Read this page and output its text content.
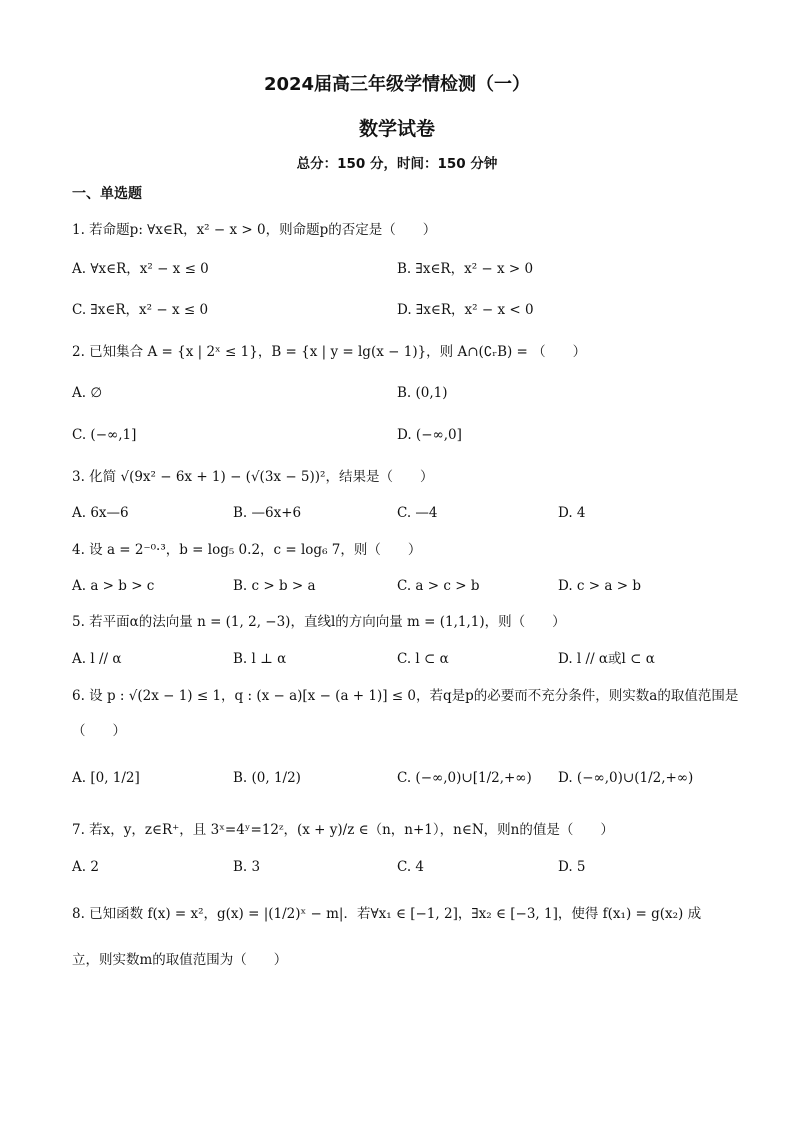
2024届高三年级学情检测（一）
数学试卷
总分：150 分，时间：150 分钟
一、单选题
1. 若命题p: ∀x∈R，x² − x > 0，则命题p的否定是（　　）
A. ∀x∈R，x² − x ≤ 0	B. ∃x∈R，x² − x > 0
C. ∃x∈R，x² − x ≤ 0	D. ∃x∈R，x² − x < 0
2. 已知集合 A = {x | 2ˣ ≤ 1}，B = {x | y = lg(x − 1)}，则 A∩(∁ᵣB) = （　　）
A. ∅	B. (0,1)
C. (−∞,1]	D. (−∞,0]
3. 化简 √(9x² − 6x + 1) − (√(3x − 5))²，结果是（　　）
A. 6x—6	B. —6x+6	C. —4	D. 4
4. 设 a = 2⁻⁰·³，b = log₅ 0.2，c = log₆ 7，则（　　）
A. a > b > c	B. c > b > a	C. a > c > b	D. c > a > b
5. 若平面α的法向量 n = (1, 2, −3)，直线l的方向向量 m = (1,1,1)，则（　　）
A. l // α	B. l ⊥ α	C. l ⊂ α	D. l // α或l ⊂ α
6. 设 p : √(2x − 1) ≤ 1，q : (x − a)[x − (a + 1)] ≤ 0，若q是p的必要而不充分条件，则实数a的取值范围是
（　　）
A. [0, 1/2]	B. (0, 1/2)	C. (−∞,0)∪[1/2,+∞) D. (−∞,0)∪(1/2,+∞)
7. 若x，y，z∈R⁺，且 3ˣ=4ʸ=12ᶻ，(x + y)/z ∈（n，n+1），n∈N，则n的值是（　　）
A. 2	B. 3	C. 4	D. 5
8. 已知函数 f(x) = x²，g(x) = |(1/2)ˣ − m|．若∀x₁ ∈ [−1, 2]，∃x₂ ∈ [−3, 1]，使得 f(x₁) = g(x₂) 成
立，则实数m的取值范围为（　　）
